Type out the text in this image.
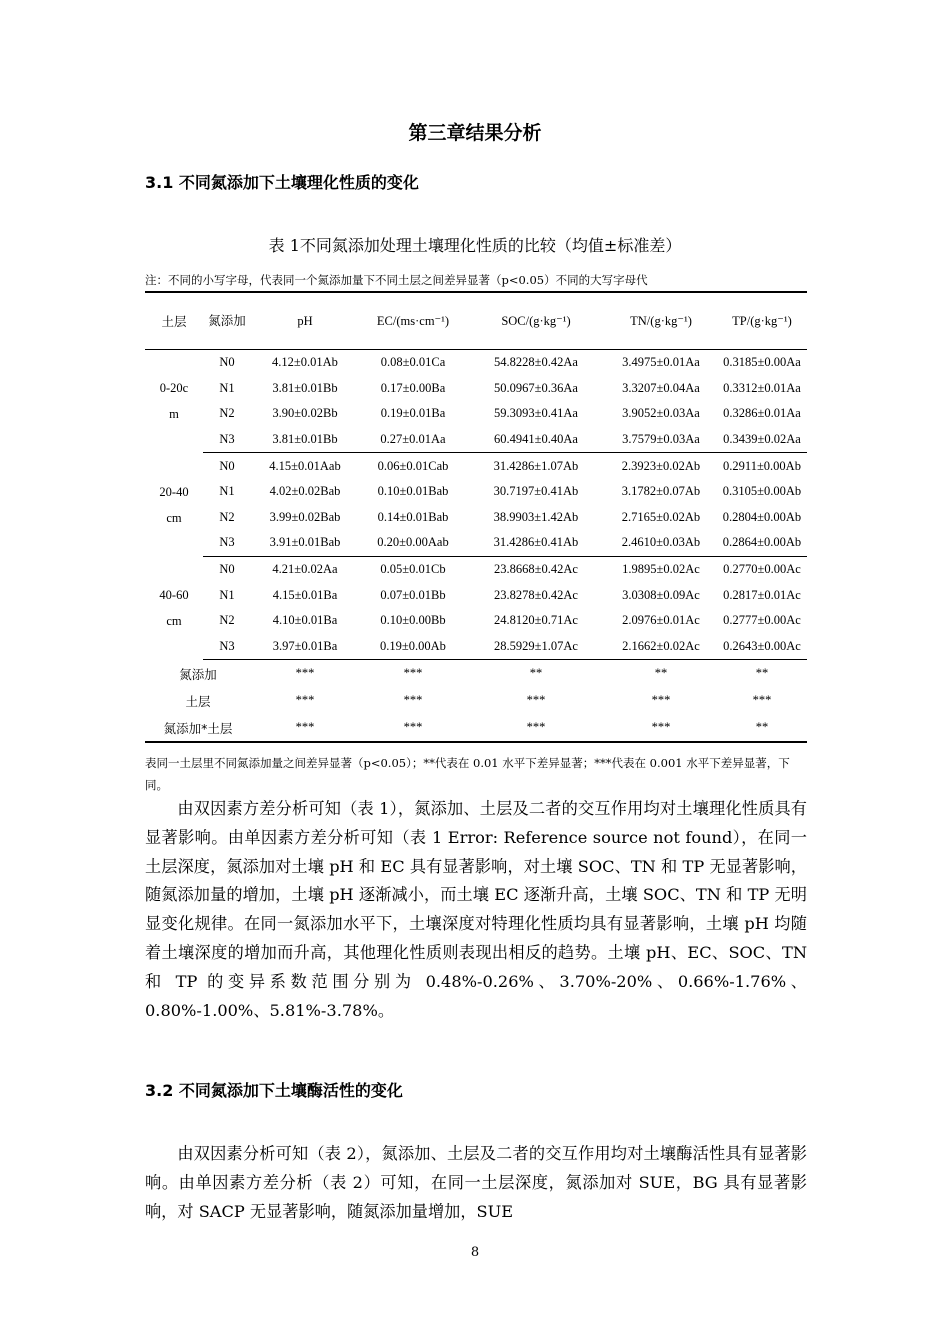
第三章结果分析
3.1 不同氮添加下土壤理化性质的变化
表 1不同氮添加处理土壤理化性质的比较（均值±标准差）
注：不同的小写字母，代表同一个氮添加量下不同土层之间差异显著（p<0.05）不同的大写字母代
土层	氮添加	pH	EC/(ms·cm⁻¹)	SOC/(g·kg⁻¹)	TN/(g·kg⁻¹)	TP/(g·kg⁻¹)
0-20cm	N0	4.12±0.01Ab	0.08±0.01Ca	54.8228±0.42Aa	3.4975±0.01Aa	0.3185±0.00Aa
	N1	3.81±0.01Bb	0.17±0.00Ba	50.0967±0.36Aa	3.3207±0.04Aa	0.3312±0.01Aa
	N2	3.90±0.02Bb	0.19±0.01Ba	59.3093±0.41Aa	3.9052±0.03Aa	0.3286±0.01Aa
	N3	3.81±0.01Bb	0.27±0.01Aa	60.4941±0.40Aa	3.7579±0.03Aa	0.3439±0.02Aa
20-40cm	N0	4.15±0.01Aab	0.06±0.01Cab	31.4286±1.07Ab	2.3923±0.02Ab	0.2911±0.00Ab
	N1	4.02±0.02Bab	0.10±0.01Bab	30.7197±0.41Ab	3.1782±0.07Ab	0.3105±0.00Ab
	N2	3.99±0.02Bab	0.14±0.01Bab	38.9903±1.42Ab	2.7165±0.02Ab	0.2804±0.00Ab
	N3	3.91±0.01Bab	0.20±0.00Aab	31.4286±0.41Ab	2.4610±0.03Ab	0.2864±0.00Ab
40-60cm	N0	4.21±0.02Aa	0.05±0.01Cb	23.8668±0.42Ac	1.9895±0.02Ac	0.2770±0.00Ac
	N1	4.15±0.01Ba	0.07±0.01Bb	23.8278±0.42Ac	3.0308±0.09Ac	0.2817±0.01Ac
	N2	4.10±0.01Ba	0.10±0.00Bb	24.8120±0.71Ac	2.0976±0.01Ac	0.2777±0.00Ac
	N3	3.97±0.01Ba	0.19±0.00Ab	28.5929±1.07Ac	2.1662±0.02Ac	0.2643±0.00Ac
氮添加		***	***	**	**	**
土层		***	***	***	***	***
氮添加*土层		***	***	***	***	**
表同一土层里不同氮添加量之间差异显著（p<0.05）；**代表在 0.01 水平下差异显著；***代表在 0.001 水平下差异显著，下同。
由双因素方差分析可知（表 1），氮添加、土层及二者的交互作用均对土壤理化性质具有显著影响。由单因素方差分析可知（表 1 Error: Reference source not found），在同一土层深度，氮添加对土壤 pH 和 EC 具有显著影响，对土壤 SOC、TN 和 TP 无显著影响，随氮添加量的增加，土壤 pH 逐渐减小，而土壤 EC 逐渐升高，土壤 SOC、TN 和 TP 无明显变化规律。在同一氮添加水平下，土壤深度对特理化性质均具有显著影响，土壤 pH 均随着土壤深度的增加而升高，其他理化性质则表现出相反的趋势。土壤 pH、EC、SOC、TN 和 TP 的变异系数范围分别为 0.48%-0.26%、3.70%-20%、0.66%-1.76%、0.80%-1.00%、5.81%-3.78%。
3.2 不同氮添加下土壤酶活性的变化
由双因素分析可知（表 2），氮添加、土层及二者的交互作用均对土壤酶活性具有显著影响。由单因素方差分析（表 2）可知，在同一土层深度，氮添加对 SUE，BG 具有显著影响，对 SACP 无显著影响，随氮添加量增加，SUE
8
